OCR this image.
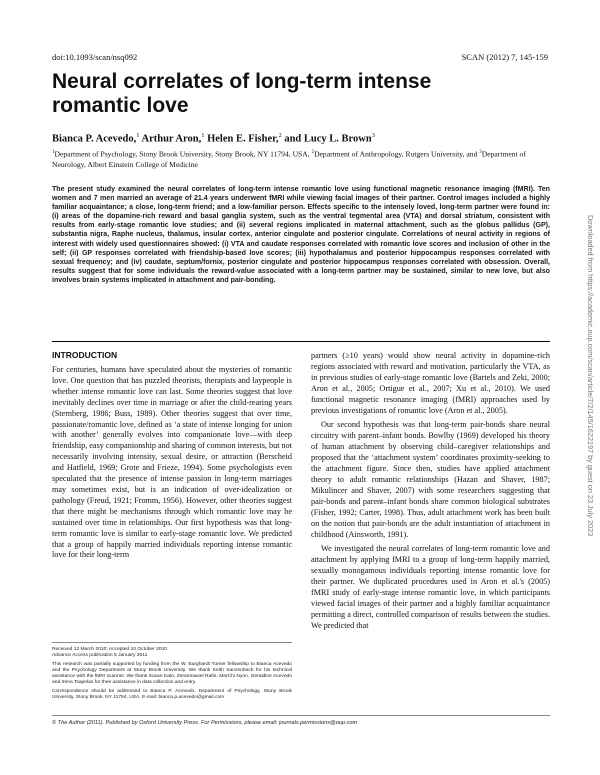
doi:10.1093/scan/nsq092	SCAN (2012) 7, 145-159
Neural correlates of long-term intense romantic love
Bianca P. Acevedo,$^1$ Arthur Aron,$^1$ Helen E. Fisher,$^2$ and Lucy L. Brown$^3$
$^1$Department of Psychology, Stony Brook University, Stony Brook, NY 11794, USA, $^2$Department of Anthropology, Rutgers University, and $^3$Department of Neurology, Albert Einstein College of Medicine
The present study examined the neural correlates of long-term intense romantic love using functional magnetic resonance imaging (fMRI). Ten women and 7 men married an average of 21.4 years underwent fMRI while viewing facial images of their partner. Control images included a highly familiar acquaintance; a close, long-term friend; and a low-familiar person. Effects specific to the intensely loved, long-term partner were found in: (i) areas of the dopamine-rich reward and basal ganglia system, such as the ventral tegmental area (VTA) and dorsal striatum, consistent with results from early-stage romantic love studies; and (ii) several regions implicated in maternal attachment, such as the globus pallidus (GP), substantia nigra, Raphe nucleus, thalamus, insular cortex, anterior cingulate and posterior cingulate. Correlations of neural activity in regions of interest with widely used questionnaires showed: (i) VTA and caudate responses correlated with romantic love scores and inclusion of other in the self; (ii) GP responses correlated with friendship-based love scores; (iii) hypothalamus and posterior hippocampus responses correlated with sexual frequency; and (iv) caudate, septum/fornix, posterior cingulate and posterior hippocampus responses correlated with obsession. Overall, results suggest that for some individuals the reward-value associated with a long-term partner may be sustained, similar to new love, but also involves brain systems implicated in attachment and pair-bonding.
INTRODUCTION

For centuries, humans have speculated about the mysteries of romantic love. One question that has puzzled theorists, therapists and laypeople is whether intense romantic love can last. Some theories suggest that love inevitably declines over time in marriage or after the child-rearing years (Sternberg, 1986; Buss, 1989). Other theories suggest that over time, passionate/romantic love, defined as ‘a state of intense longing for union with another’ generally evolves into companionate love—with deep friendship, easy companionship and sharing of common interests, but not necessarily involving intensity, sexual desire, or attraction (Berscheid and Hatfield, 1969; Grote and Frieze, 1994). Some psychologists even speculated that the presence of intense passion in long-term marriages may sometimes exist, but is an indication of over-idealization or pathology (Freud, 1921; Fromm, 1956). However, other theories suggest that there might be mechanisms through which romantic love may be sustained over time in relationships. Our first hypothesis was that long-term romantic love is similar to early-stage romantic love. We predicted that a group of happily married individuals reporting intense romantic love for their long-term

partners (≥10 years) would show neural activity in dopamine-rich regions associated with reward and motivation, particularly the VTA, as in previous studies of early-stage romantic love (Bartels and Zeki, 2000; Aron et al., 2005; Ortigue et al., 2007; Xu et al., 2010). We used functional magnetic resonance imaging (fMRI) approaches used by previous investigations of romantic love (Aron et al., 2005).

Our second hypothesis was that long-term pair-bonds share neural circuitry with parent–infant bonds. Bowlby (1969) developed his theory of human attachment by observing child–caregiver relationships and proposed that the ‘attachment system’ coordinates proximity-seeking to the attachment figure. Since then, studies have applied attachment theory to adult romantic relationships (Hazan and Shaver, 1987; Mikulincer and Shaver, 2007) with some researchers suggesting that pair-bonds and parent–infant bonds share common biological substrates (Fisher, 1992; Carter, 1998). Thus, adult attachment work has been built on the notion that pair-bonds are the adult instantiation of attachment in childhood (Ainsworth, 1991).

We investigated the neural correlates of long-term romantic love and attachment by applying fMRI to a group of long-term happily married, sexually monogamous individuals reporting intense romantic love for their partner. We duplicated procedures used in Aron et al.'s (2005) fMRI study of early-stage intense romantic love, in which participants viewed facial images of their partner and a highly familiar acquaintance permitting a direct, controlled comparison of results between the studies. We predicted that

Received 12 March 2010; Accepted 10 October 2010

Advance Access publication 5 January 2011

This research was partially supported by funding from the W. Burghardt Turner fellowship to Bianca Acevedo and the Psychology Department at Stony Brook University. We thank Keith Sanzenbach for his technical assistance with the fMRI scanner. We thank Susan Kato, Zeramnawel Rafie, MarChi Nyon, Geraldine Acevedo and Irena Tsapelas for their assistance in data collection and entry.

Correspondence should be addressed to Bianca P. Acevedo, Department of Psychology, Stony Brook University, Stony Brook, NY 11794, USA. E-mail: bianca.p.acevedo@gmail.com

© The Author (2011). Published by Oxford University Press. For Permissions, please email: journals.permissions@oup.com
Downloaded from https://academic.oup.com/scan/article/7/2/145/1622197 by guest on 23 July 2023
